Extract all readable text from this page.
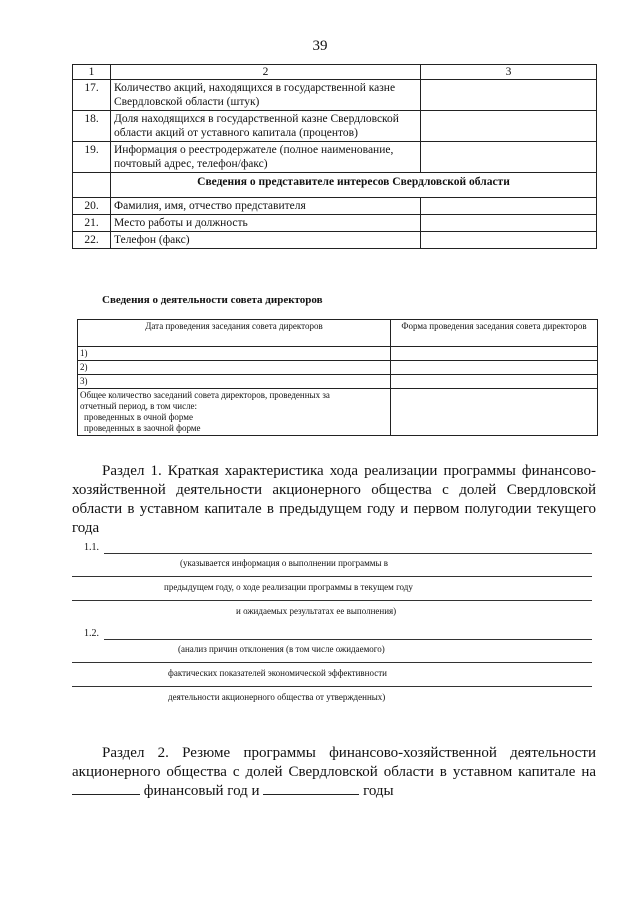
39
1	2	3
17.	Количество акций, находящихся в государственной казне Свердловской области (штук)	
18.	Доля находящихся в государственной казне Свердловской области акций от уставного капитала (процентов)	
19.	Информация о реестродержателе (полное наименование, почтовый адрес, телефон/факс)	
	Сведения о представителе интересов Свердловской области	
20.	Фамилия, имя, отчество представителя	
21.	Место работы и должность	
22.	Телефон (факс)	
Сведения о деятельности совета директоров
Дата проведения заседания совета директоров	Форма проведения заседания совета директоров
1)	
2)	
3)	

Общее количество заседаний совета директоров, проведенных за
отчетный период, в том числе:
проведенных в очной форме
проведенных в заочной форме	

Раздел 1. Краткая характеристика хода реализации программы финансово-хозяйственной деятельности акционерного общества с долей Свердловской области в уставном капитале в предыдущем году и первом полугодии текущего года
1.1.
(указывается информация о выполнении программы в
предыдущем году, о ходе реализации программы в текущем году
и ожидаемых результатах ее выполнения)
1.2.
(анализ причин отклонения (в том числе ожидаемого)
фактических показателей экономической эффективности
деятельности акционерного общества от утвержденных)
Раздел 2. Резюме программы финансово-хозяйственной деятельности акционерного общества с долей Свердловской области в уставном капитале на  финансовый год и	годы
